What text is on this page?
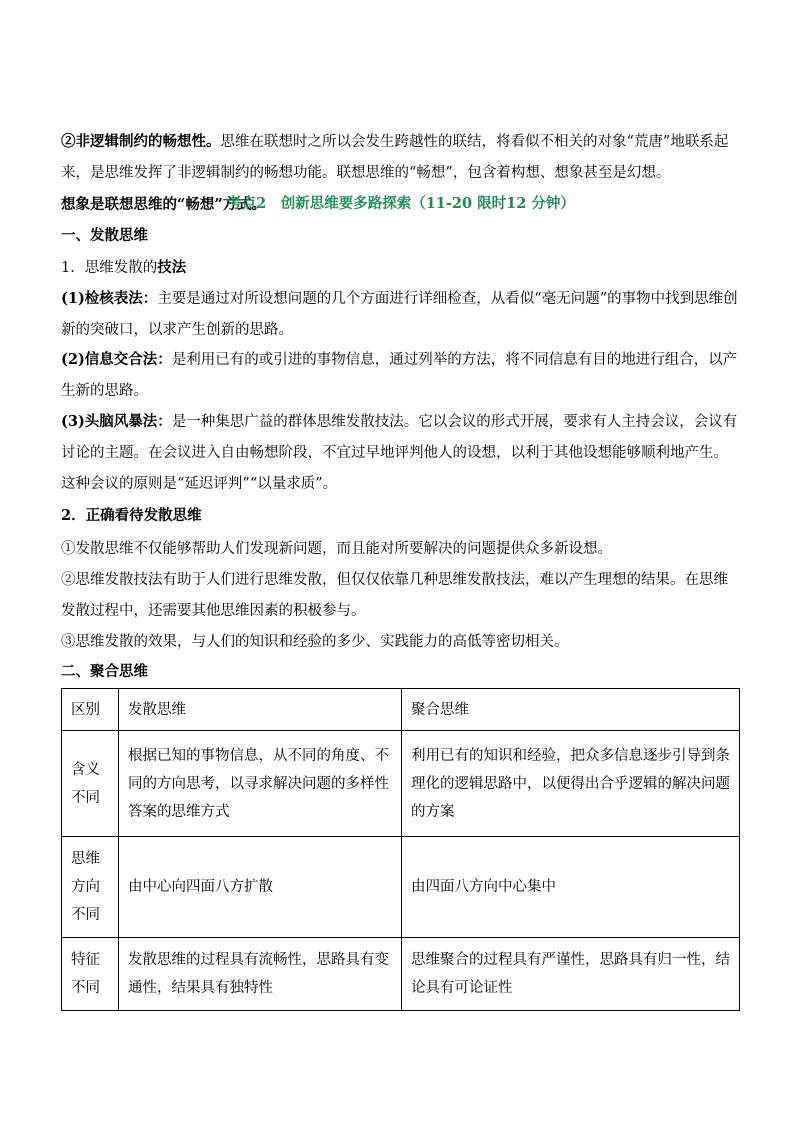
②非逻辑制约的畅想性。思维在联想时之所以会发生跨越性的联结，将看似不相关的对象“荒唐”地联系起来，是思维发挥了非逻辑制约的畅想功能。联想思维的“畅想”，包含着构想、想象甚至是幻想。
想象是联想思维的“畅想”方式。

考点2　创新思维要多路探索（11-20 限时12 分钟）
一、发散思维
1．思维发散的技法

(1)检核表法：主要是通过对所设想问题的几个方面进行详细检查，从看似“毫无问题”的事物中找到思维创新的突破口，以求产生创新的思路。

(2)信息交合法：是利用已有的或引进的事物信息，通过列举的方法，将不同信息有目的地进行组合，以产生新的思路。

(3)头脑风暴法：是一种集思广益的群体思维发散技法。它以会议的形式开展，要求有人主持会议，会议有讨论的主题。在会议进入自由畅想阶段，不宜过早地评判他人的设想，以利于其他设想能够顺利地产生。这种会议的原则是“延迟评判”“以量求质”。

2．正确看待发散思维

①发散思维不仅能够帮助人们发现新问题，而且能对所要解决的问题提供众多新设想。

②思维发散技法有助于人们进行思维发散，但仅仅依靠几种思维发散技法，难以产生理想的结果。在思维发散过程中，还需要其他思维因素的积极参与。

③思维发散的效果，与人们的知识和经验的多少、实践能力的高低等密切相关。

二、聚合思维
区别	发散思维	聚合思维
含义
不同	根据已知的事物信息，从不同的角度、不同的方向思考，以寻求解决问题的多样性答案的思维方式	利用已有的知识和经验，把众多信息逐步引导到条理化的逻辑思路中，以便得出合乎逻辑的解决问题的方案
思维
方向
不同	由中心向四面八方扩散	由四面八方向中心集中
特征
不同	发散思维的过程具有流畅性，思路具有变通性，结果具有独特性	思维聚合的过程具有严谨性，思路具有归一性，结论具有可论证性
